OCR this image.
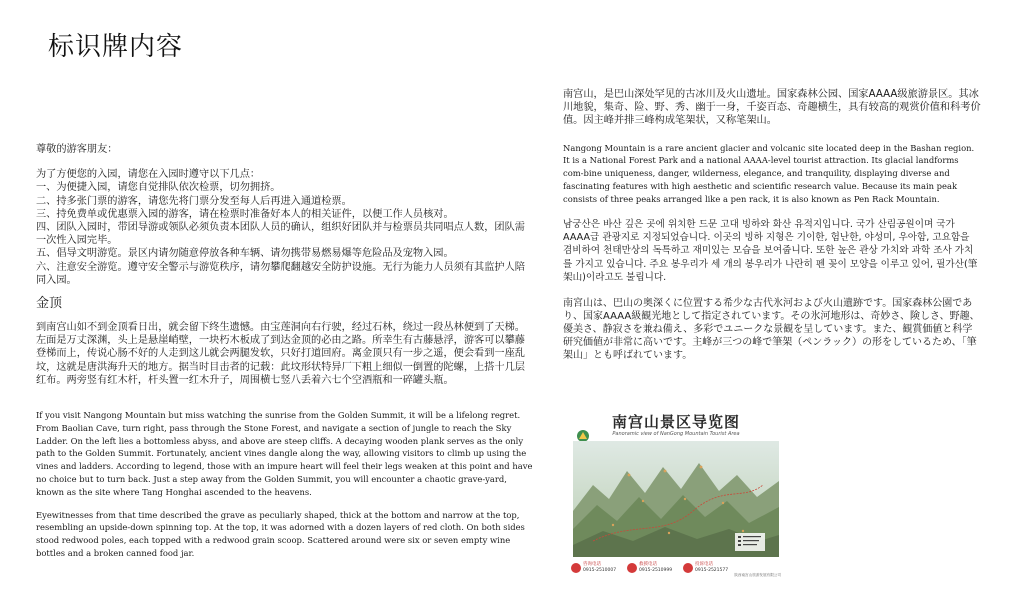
标识牌内容

尊敬的游客朋友：

为了方便您的入园，请您在入园时遵守以下几点：

一、为便捷入园，请您自觉排队依次检票，切勿拥挤。
二、持多张门票的游客，请您先将门票分发至每人后再进入通道检票。
三、持免费单或优惠票入园的游客，请在检票时准备好本人的相关证件，以便工作人员核对。
四、团队入园时，带团导游或领队必须负责本团队人员的确认，组织好团队并与检票员共同唱点人数，团队需一次性入园完毕。
五、倡导文明游览。景区内请勿随意停放各种车辆、请勿携带易燃易爆等危险品及宠物入园。
六、注意安全游览。遵守安全警示与游览秩序，请勿攀爬翻越安全防护设施。无行为能力人员须有其监护人陪同入园。

金顶

到南宫山如不到金顶看日出，就会留下终生遗憾。由宝莲洞向右行驶，经过石林，绕过一段丛林便到了天梯。左面是万丈深渊，头上是悬崖峭壁，一块朽木板成了到达金顶的必由之路。所幸生有古藤悬浮，游客可以攀藤登梯而上，传说心肠不好的人走到这儿就会两腿发软，只好打道回府。离金顶只有一步之遥，便会看到一座乱坟，这就是唐洪海升天的地方。据当时目击者的记载：此坟形状特异厂下粗上细似一倒置的陀螺，上搭十几层红布。两旁竖有红木杆，杆头置一红木升子，周围横七竖八丢着六七个空酒瓶和一碎罐头瓶。

If you visit Nangong Mountain but miss watching the sunrise from the Golden Summit, it will be a lifelong regret. From Baolian Cave, turn right, pass through the Stone Forest, and navigate a section of jungle to reach the Sky Ladder. On the left lies a bottomless abyss, and above are steep cliffs. A decaying wooden plank serves as the only path to the Golden Summit. Fortunately, ancient vines dangle along the way, allowing visitors to climb up using the vines and ladders. According to legend, those with an impure heart will feel their legs weaken at this point and have no choice but to turn back. Just a step away from the Golden Summit, you will encounter a chaotic grave-yard, known as the site where Tang Honghai ascended to the heavens.

Eyewitnesses from that time described the grave as peculiarly shaped, thick at the bottom and narrow at the top, resembling an upside-down spinning top. At the top, it was adorned with a dozen layers of red cloth. On both sides stood redwood poles, each topped with a redwood grain scoop. Scattered around were six or seven empty wine bottles and a broken canned food jar.

南宫山，是巴山深处罕见的古冰川及火山遗址。国家森林公园、国家AAAA级旅游景区。其冰川地貌，集奇、险、野、秀、幽于一身，千姿百态、奇趣横生，具有较高的观赏价值和科考价值。因主峰并排三峰构成笔架状，又称笔架山。

Nangong Mountain is a rare ancient glacier and volcanic site located deep in the Bashan region. It is a National Forest Park and a national AAAA-level tourist attraction. Its glacial landforms com-bine uniqueness, danger, wilderness, elegance, and tranquility, displaying diverse and fascinating features with high aesthetic and scientific research value. Because its main peak consists of three peaks arranged like a pen rack, it is also known as Pen Rack Mountain.

남궁산은 바산 깊은 곳에 위치한 드문 고대 빙하와 화산 유적지입니다. 국가 산림공원이며 국가 AAAA급 관광지로 지정되었습니다. 이곳의 빙하 지형은 기이한, 험난한, 야성미, 우아함, 고요함을 겸비하여 천태만상의 독특하고 재미있는 모습을 보여줍니다. 또한 높은 관상 가치와 과학 조사 가치를 가지고 있습니다. 주요 봉우리가 세 개의 봉우리가 나란히 펜 꽂이 모양을 이루고 있어, 필가산(筆架山)이라고도 불립니다.

南宮山は、巴山の奥深くに位置する希少な古代氷河および火山遺跡です。国家森林公園であり、国家AAAA級観光地として指定されています。その氷河地形は、奇妙さ、険しさ、野趣、優美さ、静寂さを兼ね備え、多彩でユニークな景観を呈しています。また、観賞価値と科学研究価値が非常に高いです。主峰が三つの峰で筆架（ペンラック）の形をしているため、「筆架山」とも呼ばれています。

南宫山景区导览图
Panoramic view of NanGong Mountain Tourist Area
咨询电话
0915-2510007
救援电话
0915-2510999
投诉电话
0915-2521577
陕西南宫山旅游发展有限公司
